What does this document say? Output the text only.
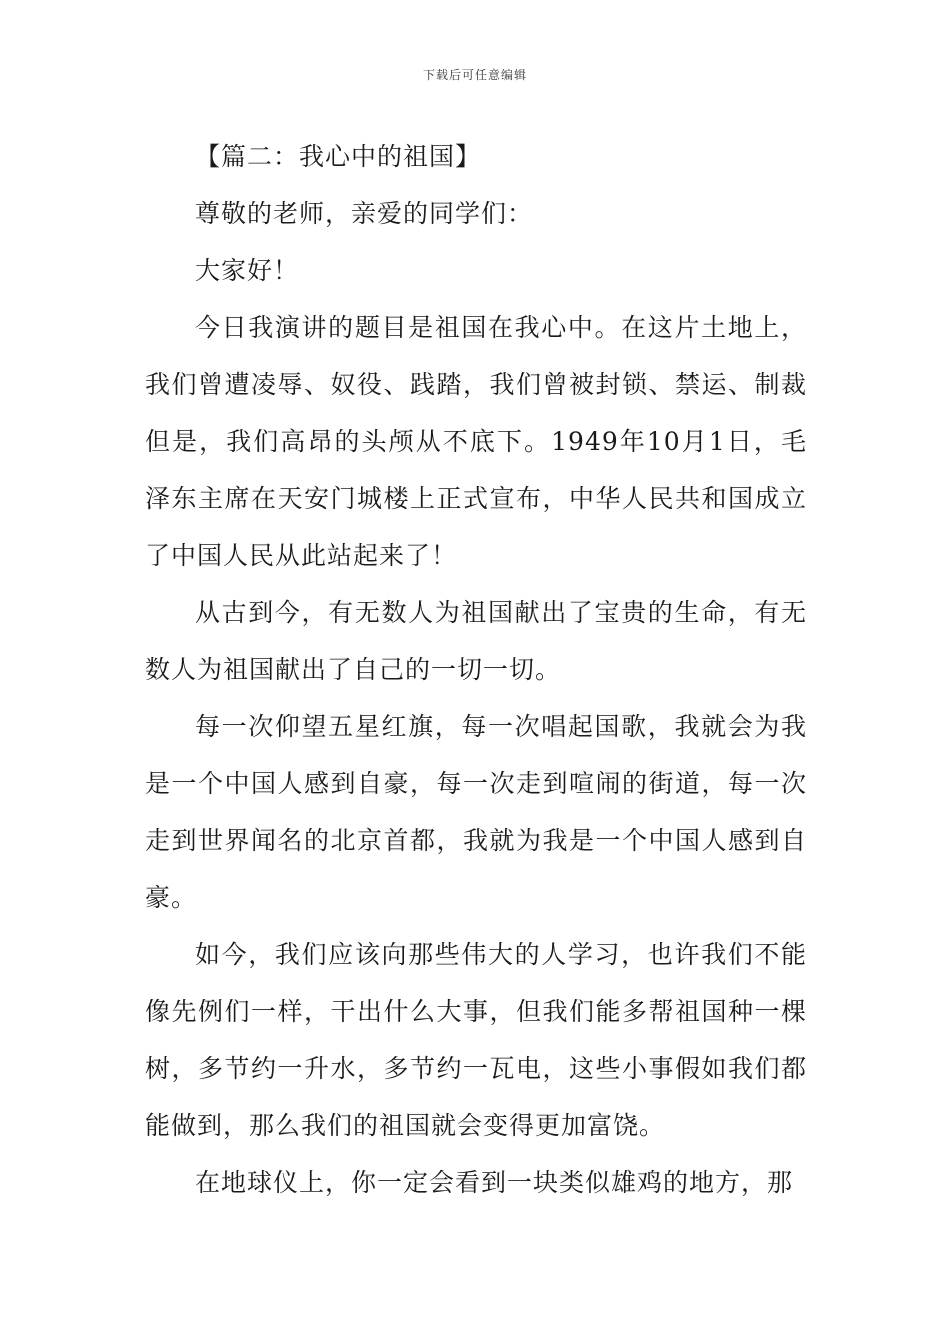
下载后可任意编辑

【篇二：我心中的祖国】

尊敬的老师，亲爱的同学们：

大家好！

今日我演讲的题目是祖国在我心中。在这片土地上，我们曾遭凌辱、奴役、践踏，我们曾被封锁、禁运、制裁但是，我们高昂的头颅从不底下。1949年10月1日，毛泽东主席在天安门城楼上正式宣布，中华人民共和国成立了中国人民从此站起来了！

从古到今，有无数人为祖国献出了宝贵的生命，有无数人为祖国献出了自己的一切一切。

每一次仰望五星红旗，每一次唱起国歌，我就会为我是一个中国人感到自豪，每一次走到喧闹的街道，每一次走到世界闻名的北京首都，我就为我是一个中国人感到自豪。

如今，我们应该向那些伟大的人学习，也许我们不能像先例们一样，干出什么大事，但我们能多帮祖国种一棵树，多节约一升水，多节约一瓦电，这些小事假如我们都能做到，那么我们的祖国就会变得更加富饶。

在地球仪上，你一定会看到一块类似雄鸡的地方，那
